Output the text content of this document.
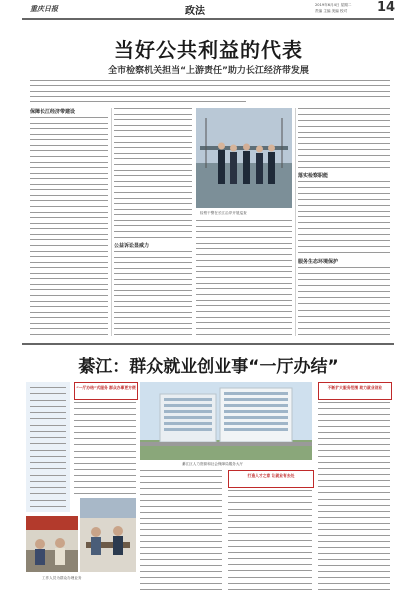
重庆日报	政法
2019年6月4日 星期二
责编 主编 美编 校对 14
当好公共利益的代表
全市检察机关担当“上游责任”助力长江经济带发展
保障长江经济带建设
公益诉讼显威力
检察干警在长江沿岸开展巡查
落实检察职能
服务生态环境保护
綦江：群众就业创业事“一厅办结”
“一厅办结”式服务 群众办事更方便
綦江区人力资源和社会保障局服务大厅
打造人才之家 让就业有去处
不断扩大服务范围 助力就业创业
工作人员为群众办理业务
